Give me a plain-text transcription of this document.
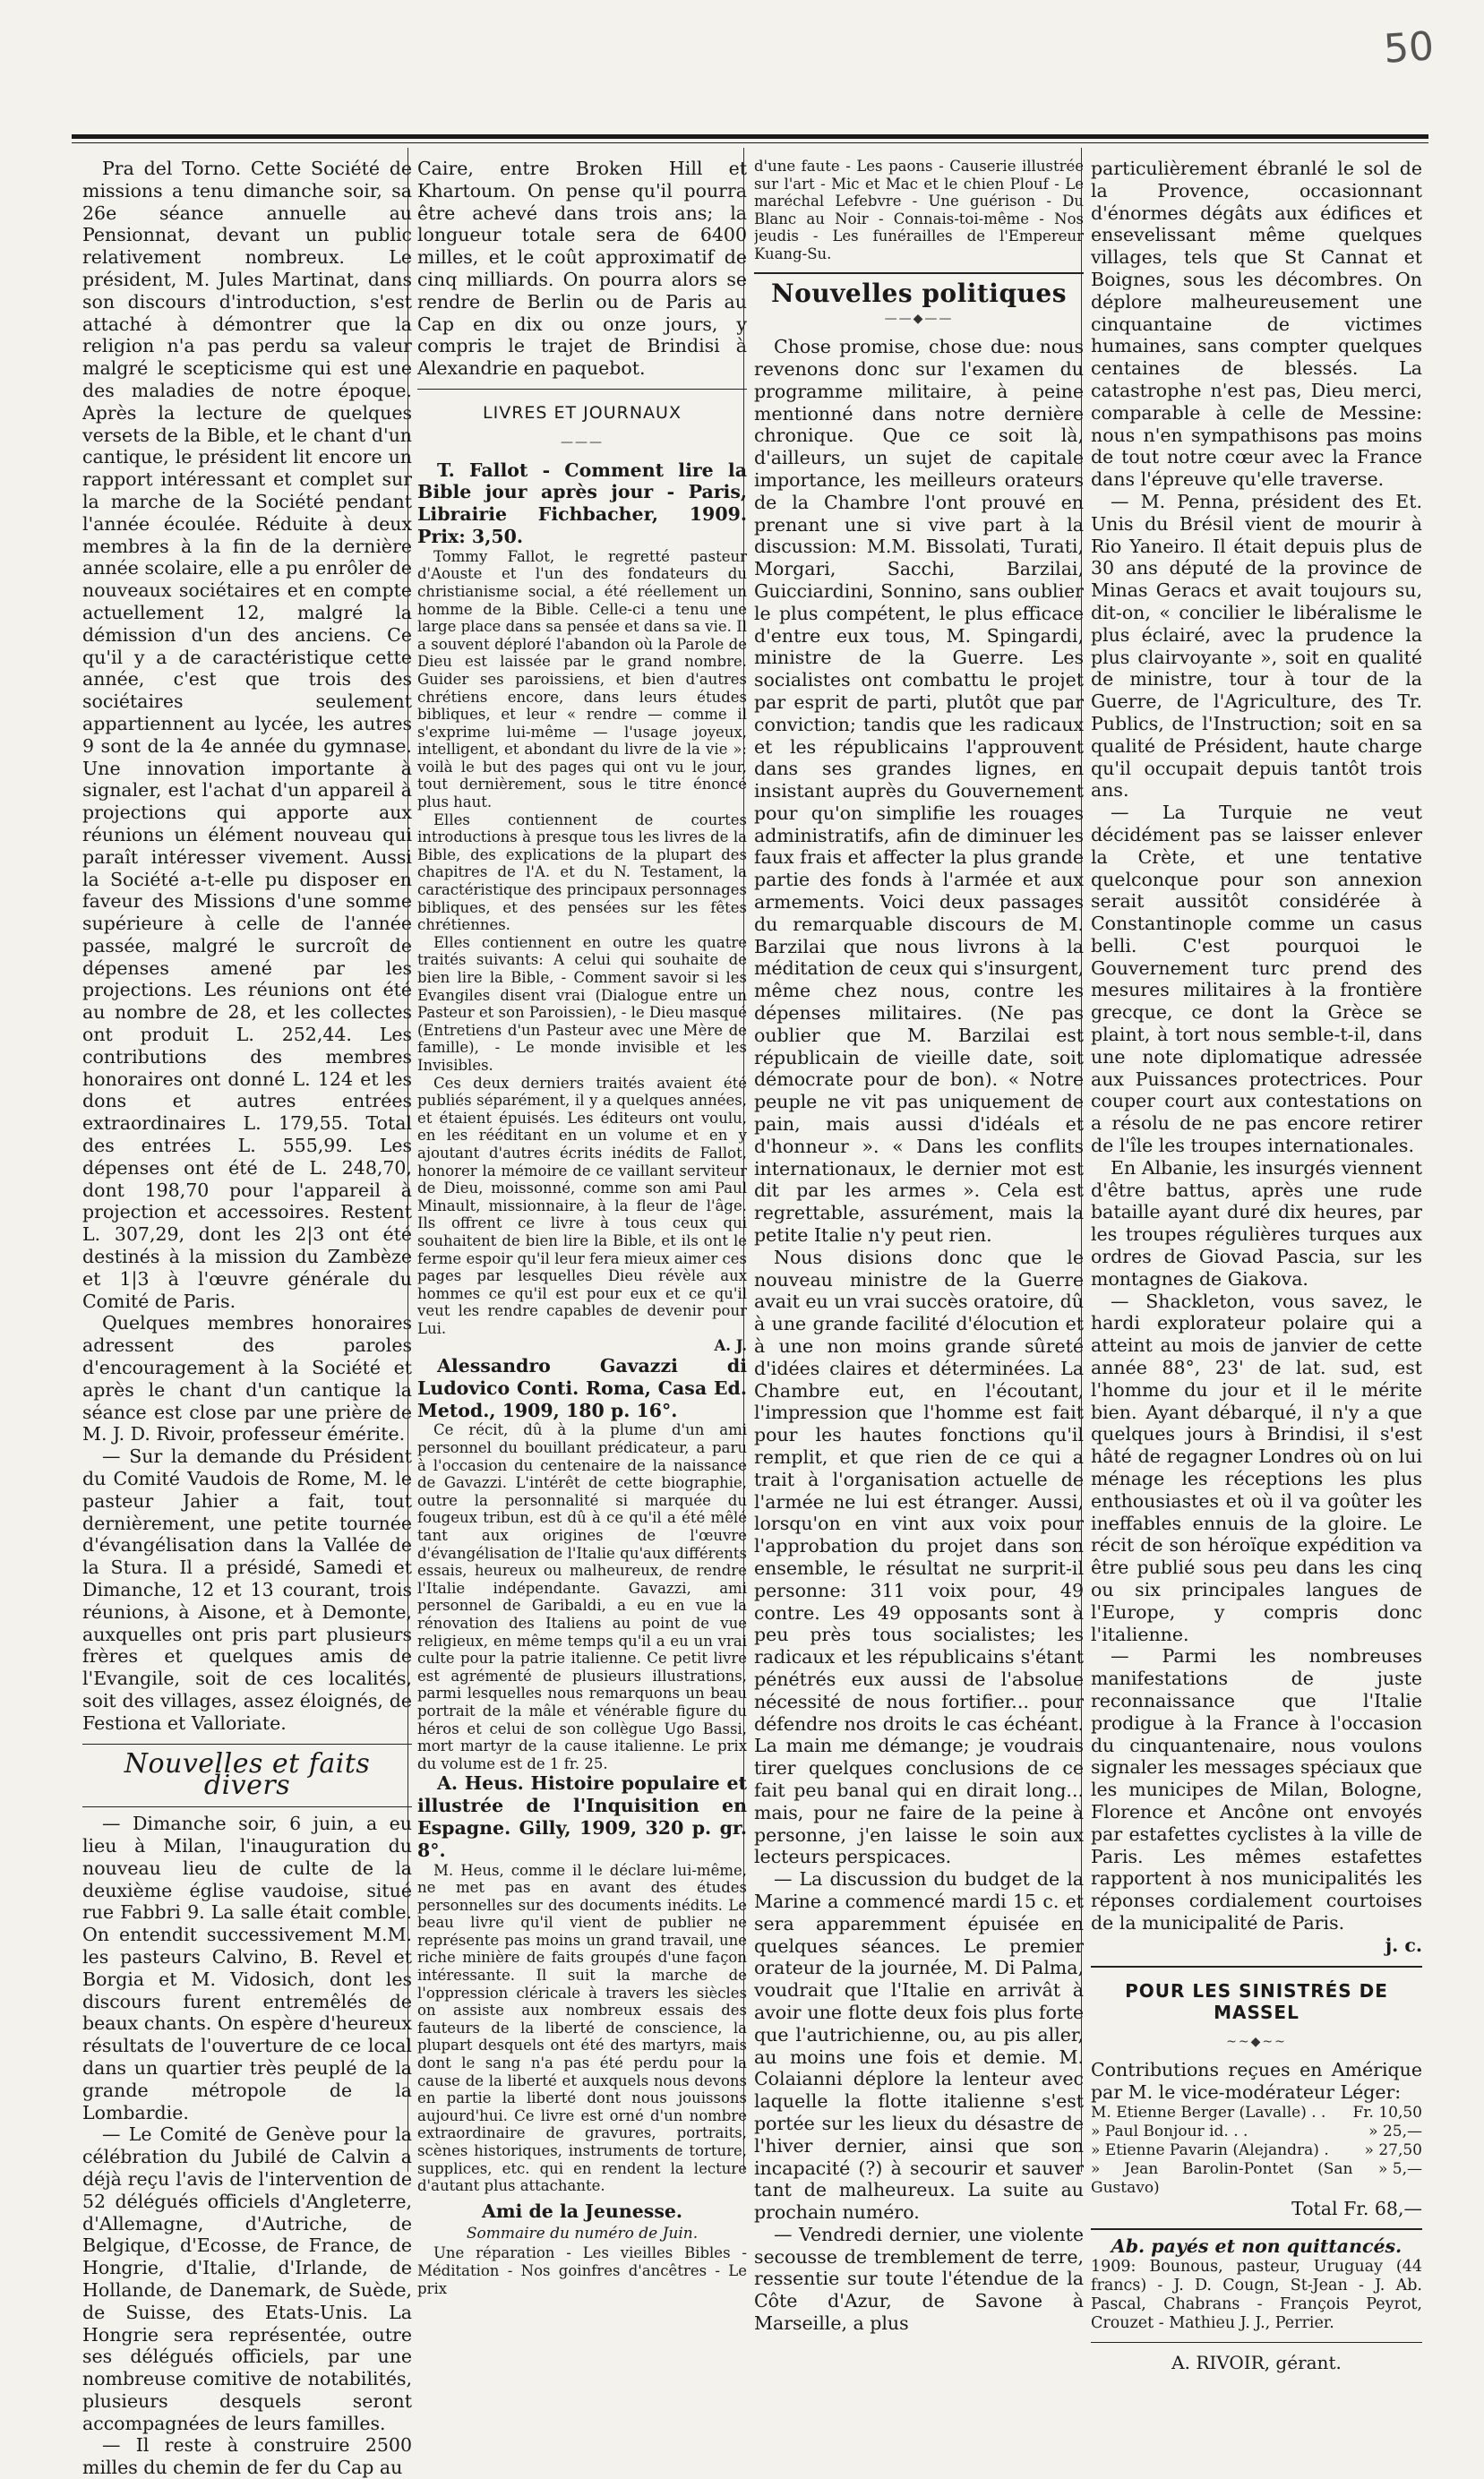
50

Pra del Torno. Cette Société de missions a tenu dimanche soir, sa 26e séance annuelle au Pensionnat, devant un public relativement nombreux. Le président, M. Jules Martinat, dans son discours d'introduction, s'est attaché à démontrer que la religion n'a pas perdu sa valeur malgré le scepticisme qui est une des maladies de notre époque. Après la lecture de quelques versets de la Bible, et le chant d'un cantique, le président lit encore un rapport intéressant et complet sur la marche de la Société pendant l'année écoulée. Réduite à deux membres à la fin de la dernière année scolaire, elle a pu enrôler de nouveaux sociétaires et en compte actuellement 12, malgré la démission d'un des anciens. Ce qu'il y a de caractéristique cette année, c'est que trois des sociétaires seulement appartiennent au lycée, les autres 9 sont de la 4e année du gymnase. Une innovation importante à signaler, est l'achat d'un appareil à projections qui apporte aux réunions un élément nouveau qui paraît intéresser vivement. Aussi la Société a-t-elle pu disposer en faveur des Missions d'une somme supérieure à celle de l'année passée, malgré le surcroît de dépenses amené par les projections. Les réunions ont été au nombre de 28, et les collectes ont produit L. 252,44. Les contributions des membres honoraires ont donné L. 124 et les dons et autres entrées extraordinaires L. 179,55. Total des entrées L. 555,99. Les dépenses ont été de L. 248,70, dont 198,70 pour l'appareil à projection et accessoires. Restent L. 307,29, dont les 2|3 ont été destinés à la mission du Zambèze et 1|3 à l'œuvre générale du Comité de Paris.

Quelques membres honoraires adressent des paroles d'encouragement à la Société et après le chant d'un cantique la séance est close par une prière de M. J. D. Rivoir, professeur émérite.

— Sur la demande du Président du Comité Vaudois de Rome, M. le pasteur Jahier a fait, tout dernièrement, une petite tournée d'évangélisation dans la Vallée de la Stura. Il a présidé, Samedi et Dimanche, 12 et 13 courant, trois réunions, à Aisone, et à Demonte, auxquelles ont pris part plusieurs frères et quelques amis de l'Evangile, soit de ces localités, soit des villages, assez éloignés, de Festiona et Valloriate.

Nouvelles et faits divers

— Dimanche soir, 6 juin, a eu lieu à Milan, l'inauguration du nouveau lieu de culte de la deuxième église vaudoise, situé rue Fabbri 9. La salle était comble. On entendit successivement M.M. les pasteurs Calvino, B. Revel et Borgia et M. Vidosich, dont les discours furent entremêlés de beaux chants. On espère d'heureux résultats de l'ouverture de ce local dans un quartier très peuplé de la grande métropole de la Lombardie.

— Le Comité de Genève pour la célébration du Jubilé de Calvin a déjà reçu l'avis de l'intervention de 52 délégués officiels d'Angleterre, d'Allemagne, d'Autriche, de Belgique, d'Ecosse, de France, de Hongrie, d'Italie, d'Irlande, de Hollande, de Danemark, de Suède, de Suisse, des Etats-Unis. La Hongrie sera représentée, outre ses délégués officiels, par une nombreuse comitive de notabilités, plusieurs desquels seront accompagnées de leurs familles.

— Il reste à construire 2500 milles du chemin de fer du Cap au

Caire, entre Broken Hill et Khartoum. On pense qu'il pourra être achevé dans trois ans; la longueur totale sera de 6400 milles, et le coût approximatif de cinq milliards. On pourra alors se rendre de Berlin ou de Paris au Cap en dix ou onze jours, y compris le trajet de Brindisi à Alexandrie en paquebot.

LIVRES ET JOURNAUX
———

T. Fallot - Comment lire la Bible jour après jour - Paris, Librairie Fichbacher, 1909. Prix: 3,50.

Tommy Fallot, le regretté pasteur d'Aouste et l'un des fondateurs du christianisme social, a été réellement un homme de la Bible. Celle-ci a tenu une large place dans sa pensée et dans sa vie. Il a souvent déploré l'abandon où la Parole de Dieu est laissée par le grand nombre. Guider ses paroissiens, et bien d'autres chrétiens encore, dans leurs études bibliques, et leur « rendre — comme il s'exprime lui-même — l'usage joyeux, intelligent, et abondant du livre de la vie »: voilà le but des pages qui ont vu le jour, tout dernièrement, sous le titre énoncé plus haut.

Elles contiennent de courtes introductions à presque tous les livres de la Bible, des explications de la plupart des chapitres de l'A. et du N. Testament, la caractéristique des principaux personnages bibliques, et des pensées sur les fêtes chrétiennes.

Elles contiennent en outre les quatre traités suivants: A celui qui souhaite de bien lire la Bible, - Comment savoir si les Evangiles disent vrai (Dialogue entre un Pasteur et son Paroissien), - le Dieu masqué (Entretiens d'un Pasteur avec une Mère de famille), - Le monde invisible et les Invisibles.

Ces deux derniers traités avaient été publiés séparément, il y a quelques années, et étaient épuisés. Les éditeurs ont voulu, en les rééditant en un volume et en y ajoutant d'autres écrits inédits de Fallot, honorer la mémoire de ce vaillant serviteur de Dieu, moissonné, comme son ami Paul Minault, missionnaire, à la fleur de l'âge. Ils offrent ce livre à tous ceux qui souhaitent de bien lire la Bible, et ils ont le ferme espoir qu'il leur fera mieux aimer ces pages par lesquelles Dieu révèle aux hommes ce qu'il est pour eux et ce qu'il veut les rendre capables de devenir pour Lui.

A. J.

Alessandro Gavazzi di Ludovico Conti. Roma, Casa Ed. Metod., 1909, 180 p. 16°.

Ce récit, dû à la plume d'un ami personnel du bouillant prédicateur, a paru à l'occasion du centenaire de la naissance de Gavazzi. L'intérêt de cette biographie, outre la personnalité si marquée du fougeux tribun, est dû à ce qu'il a été mêlé tant aux origines de l'œuvre d'évangélisation de l'Italie qu'aux différents essais, heureux ou malheureux, de rendre l'Italie indépendante. Gavazzi, ami personnel de Garibaldi, a eu en vue la rénovation des Italiens au point de vue religieux, en même temps qu'il a eu un vrai culte pour la patrie italienne. Ce petit livre est agrémenté de plusieurs illustrations, parmi lesquelles nous remarquons un beau portrait de la mâle et vénérable figure du héros et celui de son collègue Ugo Bassi, mort martyr de la cause italienne. Le prix du volume est de 1 fr. 25.

A. Heus. Histoire populaire et illustrée de l'Inquisition en Espagne. Gilly, 1909, 320 p. gr. 8°.

M. Heus, comme il le déclare lui-même, ne met pas en avant des études personnelles sur des documents inédits. Le beau livre qu'il vient de publier ne représente pas moins un grand travail, une riche minière de faits groupés d'une façon intéressante. Il suit la marche de l'oppression cléricale à travers les siècles on assiste aux nombreux essais des fauteurs de la liberté de conscience, la plupart desquels ont été des martyrs, mais dont le sang n'a pas été perdu pour la cause de la liberté et auxquels nous devons en partie la liberté dont nous jouissons aujourd'hui. Ce livre est orné d'un nombre extraordinaire de gravures, portraits, scènes historiques, instruments de torture, supplices, etc. qui en rendent la lecture d'autant plus attachante.

Ami de la Jeunesse.

Sommaire du numéro de Juin.

Une réparation - Les vieilles Bibles - Méditation - Nos goinfres d'ancêtres - Le prix

d'une faute - Les paons - Causerie illustrée sur l'art - Mic et Mac et le chien Plouf - Le maréchal Lefebvre - Une guérison - Du Blanc au Noir - Connais-toi-même - Nos jeudis - Les funérailles de l'Empereur Kuang-Su.

Nouvelles politiques
——◆——

Chose promise, chose due: nous revenons donc sur l'examen du programme militaire, à peine mentionné dans notre dernière chronique. Que ce soit là, d'ailleurs, un sujet de capitale importance, les meilleurs orateurs de la Chambre l'ont prouvé en prenant une si vive part à la discussion: M.M. Bissolati, Turati, Morgari, Sacchi, Barzilai, Guicciardini, Sonnino, sans oublier le plus compétent, le plus efficace d'entre eux tous, M. Spingardi, ministre de la Guerre. Les socialistes ont combattu le projet par esprit de parti, plutôt que par conviction; tandis que les radicaux et les républicains l'approuvent dans ses grandes lignes, en insistant auprès du Gouvernement pour qu'on simplifie les rouages administratifs, afin de diminuer les faux frais et affecter la plus grande partie des fonds à l'armée et aux armements. Voici deux passages du remarquable discours de M. Barzilai que nous livrons à la méditation de ceux qui s'insurgent, même chez nous, contre les dépenses militaires. (Ne pas oublier que M. Barzilai est républicain de vieille date, soit démocrate pour de bon). « Notre peuple ne vit pas uniquement de pain, mais aussi d'idéals et d'honneur ». « Dans les conflits internationaux, le dernier mot est dit par les armes ». Cela est regrettable, assurément, mais la petite Italie n'y peut rien.

Nous disions donc que le nouveau ministre de la Guerre avait eu un vrai succès oratoire, dû à une grande facilité d'élocution et à une non moins grande sûreté d'idées claires et déterminées. La Chambre eut, en l'écoutant, l'impression que l'homme est fait pour les hautes fonctions qu'il remplit, et que rien de ce qui a trait à l'organisation actuelle de l'armée ne lui est étranger. Aussi, lorsqu'on en vint aux voix pour l'approbation du projet dans son ensemble, le résultat ne surprit-il personne: 311 voix pour, 49 contre. Les 49 opposants sont à peu près tous socialistes; les radicaux et les républicains s'étant pénétrés eux aussi de l'absolue nécessité de nous fortifier... pour défendre nos droits le cas échéant. La main me démange; je voudrais tirer quelques conclusions de ce fait peu banal qui en dirait long... mais, pour ne faire de la peine à personne, j'en laisse le soin aux lecteurs perspicaces.

— La discussion du budget de la Marine a commencé mardi 15 c. et sera apparemment épuisée en quelques séances. Le premier orateur de la journée, M. Di Palma, voudrait que l'Italie en arrivât à avoir une flotte deux fois plus forte que l'autrichienne, ou, au pis aller, au moins une fois et demie. M. Colaianni déplore la lenteur avec laquelle la flotte italienne s'est portée sur les lieux du désastre de l'hiver dernier, ainsi que son incapacité (?) à secourir et sauver tant de malheureux. La suite au prochain numéro.

— Vendredi dernier, une violente secousse de tremblement de terre, ressentie sur toute l'étendue de la Côte d'Azur, de Savone à Marseille, a plus

particulièrement ébranlé le sol de la Provence, occasionnant d'énormes dégâts aux édifices et ensevelissant même quelques villages, tels que St Cannat et Boignes, sous les décombres. On déplore malheureusement une cinquantaine de victimes humaines, sans compter quelques centaines de blessés. La catastrophe n'est pas, Dieu merci, comparable à celle de Messine: nous n'en sympathisons pas moins de tout notre cœur avec la France dans l'épreuve qu'elle traverse.

— M. Penna, président des Et. Unis du Brésil vient de mourir à Rio Yaneiro. Il était depuis plus de 30 ans député de la province de Minas Geracs et avait toujours su, dit-on, « concilier le libéralisme le plus éclairé, avec la prudence la plus clairvoyante », soit en qualité de ministre, tour à tour de la Guerre, de l'Agriculture, des Tr. Publics, de l'Instruction; soit en sa qualité de Président, haute charge qu'il occupait depuis tantôt trois ans.

— La Turquie ne veut décidément pas se laisser enlever la Crète, et une tentative quelconque pour son annexion serait aussitôt considérée à Constantinople comme un casus belli. C'est pourquoi le Gouvernement turc prend des mesures militaires à la frontière grecque, ce dont la Grèce se plaint, à tort nous semble-t-il, dans une note diplomatique adressée aux Puissances protectrices. Pour couper court aux contestations on a résolu de ne pas encore retirer de l'île les troupes internationales.

En Albanie, les insurgés viennent d'être battus, après une rude bataille ayant duré dix heures, par les troupes régulières turques aux ordres de Giovad Pascia, sur les montagnes de Giakova.

— Shackleton, vous savez, le hardi explorateur polaire qui a atteint au mois de janvier de cette année 88°, 23' de lat. sud, est l'homme du jour et il le mérite bien. Ayant débarqué, il n'y a que quelques jours à Brindisi, il s'est hâté de regagner Londres où on lui ménage les réceptions les plus enthousiastes et où il va goûter les ineffables ennuis de la gloire. Le récit de son héroïque expédition va être publié sous peu dans les cinq ou six principales langues de l'Europe, y compris donc l'italienne.

— Parmi les nombreuses manifestations de juste reconnaissance que l'Italie prodigue à la France à l'occasion du cinquantenaire, nous voulons signaler les messages spéciaux que les municipes de Milan, Bologne, Florence et Ancône ont envoyés par estafettes cyclistes à la ville de Paris. Les mêmes estafettes rapportent à nos municipalités les réponses cordialement courtoises de la municipalité de Paris.

j. c.

POUR LES SINISTRÉS DE MASSEL
~~◆~~

Contributions reçues en Amérique par M. le vice-modérateur Léger:

M. Etienne Berger (Lavalle) . .	Fr. 10,50
» Paul Bonjour id. . .	» 25,—
» Etienne Pavarin (Alejandra) .	» 27,50
» Jean Barolin-Pontet (San Gustavo)	» 5,—

Total Fr. 68,—

Ab. payés et non quittancés.

1909: Bounous, pasteur, Uruguay (44 francs) - J. D. Cougn, St-Jean - J. Ab. Pascal, Chabrans - François Peyrot, Crouzet - Mathieu J. J., Perrier.

A. RIVOIR, gérant.
